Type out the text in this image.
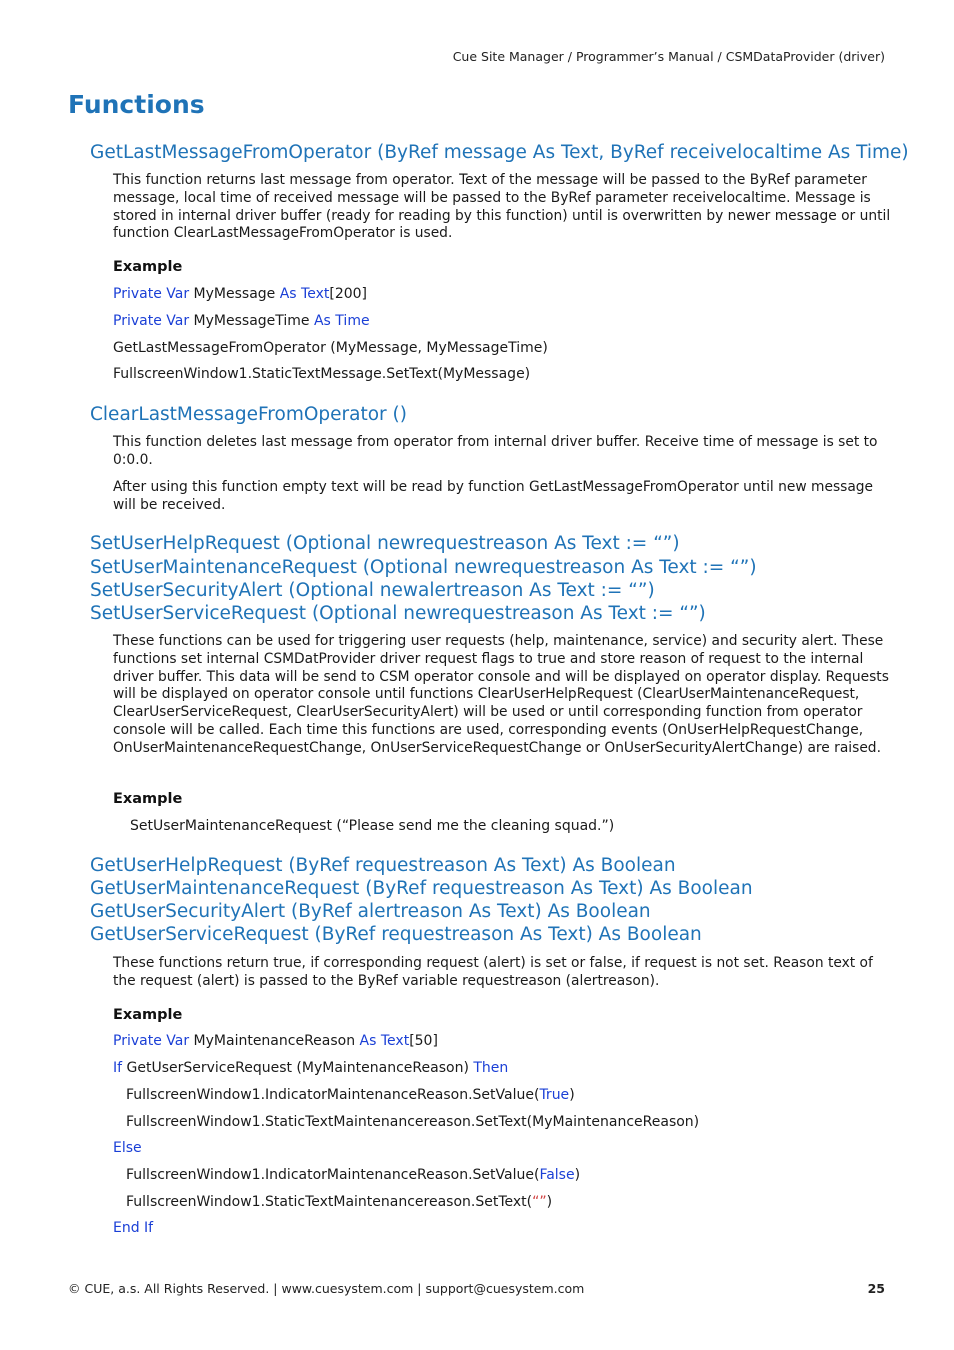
Cue Site Manager / Programmer’s Manual / CSMDataProvider (driver)
Functions
GetLastMessageFromOperator (ByRef message As Text, ByRef receivelocaltime As Time)
This function returns last message from operator. Text of the message will be passed to the ByRef parameter message, local time of received message will be passed to the ByRef parameter receivelocaltime. Message is stored in internal driver buffer (ready for reading by this function) until is overwritten by newer message or until function ClearLastMessageFromOperator is used.
Example
Private Var MyMessage As Text[200]
Private Var MyMessageTime As Time
GetLastMessageFromOperator (MyMessage, MyMessageTime)
FullscreenWindow1.StaticTextMessage.SetText(MyMessage)
ClearLastMessageFromOperator ()
This function deletes last message from operator from internal driver buffer. Receive time of message is set to 0:0.0.
After using this function empty text will be read by function GetLastMessageFromOperator until new message will be received.
SetUserHelpRequest (Optional newrequestreason As Text := “”)
SetUserMaintenanceRequest (Optional newrequestreason As Text := “”)
SetUserSecurityAlert (Optional newalertreason As Text := “”)
SetUserServiceRequest (Optional newrequestreason As Text := “”)
These functions can be used for triggering user requests (help, maintenance, service) and security alert. These functions set internal CSMDatProvider driver request flags to true and store reason of request to the internal driver buffer. This data will be send to CSM operator console and will be displayed on operator display. Requests will be displayed on operator console until functions ClearUserHelpRequest (ClearUserMaintenanceRequest, ClearUserServiceRequest, ClearUserSecurityAlert) will be used or until corresponding function from operator console will be called. Each time this functions are used, corresponding events (OnUserHelpRequestChange, OnUserMaintenanceRequestChange, OnUserServiceRequestChange or OnUserSecurityAlertChange) are raised.
Example
SetUserMaintenanceRequest (“Please send me the cleaning squad.”)
GetUserHelpRequest (ByRef requestreason As Text) As Boolean
GetUserMaintenanceRequest (ByRef requestreason As Text) As Boolean
GetUserSecurityAlert (ByRef alertreason As Text) As Boolean
GetUserServiceRequest (ByRef requestreason As Text) As Boolean
These functions return true, if corresponding request (alert) is set or false, if request is not set. Reason text of the request (alert) is passed to the ByRef variable requestreason (alertreason).
Example
Private Var MyMaintenanceReason As Text[50]
If GetUserServiceRequest (MyMaintenanceReason) Then
FullscreenWindow1.IndicatorMaintenanceReason.SetValue(True)
FullscreenWindow1.StaticTextMaintenancereason.SetText(MyMaintenanceReason)
Else
FullscreenWindow1.IndicatorMaintenanceReason.SetValue(False)
FullscreenWindow1.StaticTextMaintenancereason.SetText(“”)
End If
© CUE, a.s. All Rights Reserved. | www.cuesystem.com | support@cuesystem.com	25
